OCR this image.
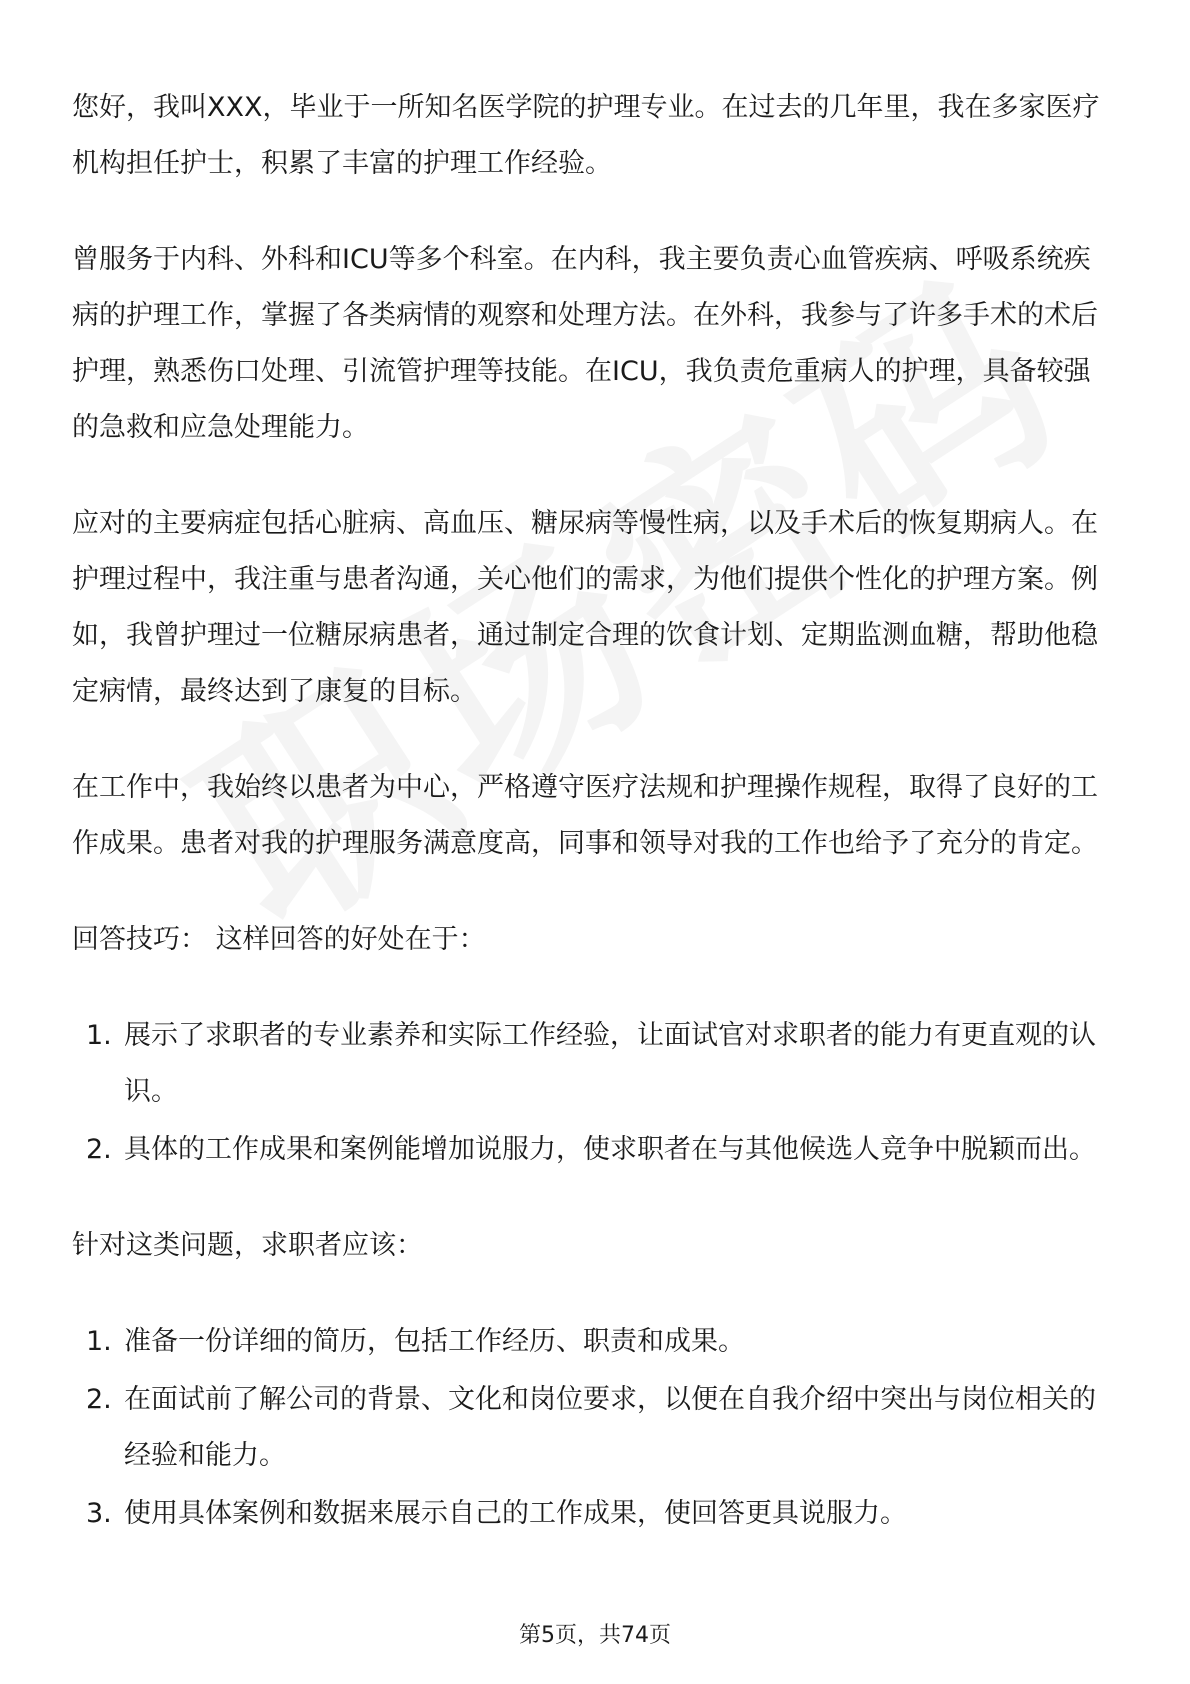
您好，我叫XXX，毕业于一所知名医学院的护理专业。在过去的几年里，我在多家医疗机构担任护士，积累了丰富的护理工作经验。

曾服务于内科、外科和ICU等多个科室。在内科，我主要负责心血管疾病、呼吸系统疾病的护理工作，掌握了各类病情的观察和处理方法。在外科，我参与了许多手术的术后护理，熟悉伤口处理、引流管护理等技能。在ICU，我负责危重病人的护理，具备较强的急救和应急处理能力。

应对的主要病症包括心脏病、高血压、糖尿病等慢性病，以及手术后的恢复期病人。在护理过程中，我注重与患者沟通，关心他们的需求，为他们提供个性化的护理方案。例如，我曾护理过一位糖尿病患者，通过制定合理的饮食计划、定期监测血糖，帮助他稳定病情，最终达到了康复的目标。

在工作中，我始终以患者为中心，严格遵守医疗法规和护理操作规程，取得了良好的工作成果。患者对我的护理服务满意度高，同事和领导对我的工作也给予了充分的肯定。

回答技巧： 这样回答的好处在于：

1. 展示了求职者的专业素养和实际工作经验，让面试官对求职者的能力有更直观的认识。
2. 具体的工作成果和案例能增加说服力，使求职者在与其他候选人竞争中脱颖而出。

针对这类问题，求职者应该：

1. 准备一份详细的简历，包括工作经历、职责和成果。
2. 在面试前了解公司的背景、文化和岗位要求，以便在自我介绍中突出与岗位相关的经验和能力。
3. 使用具体案例和数据来展示自己的工作成果，使回答更具说服力。
第5页，共74页
